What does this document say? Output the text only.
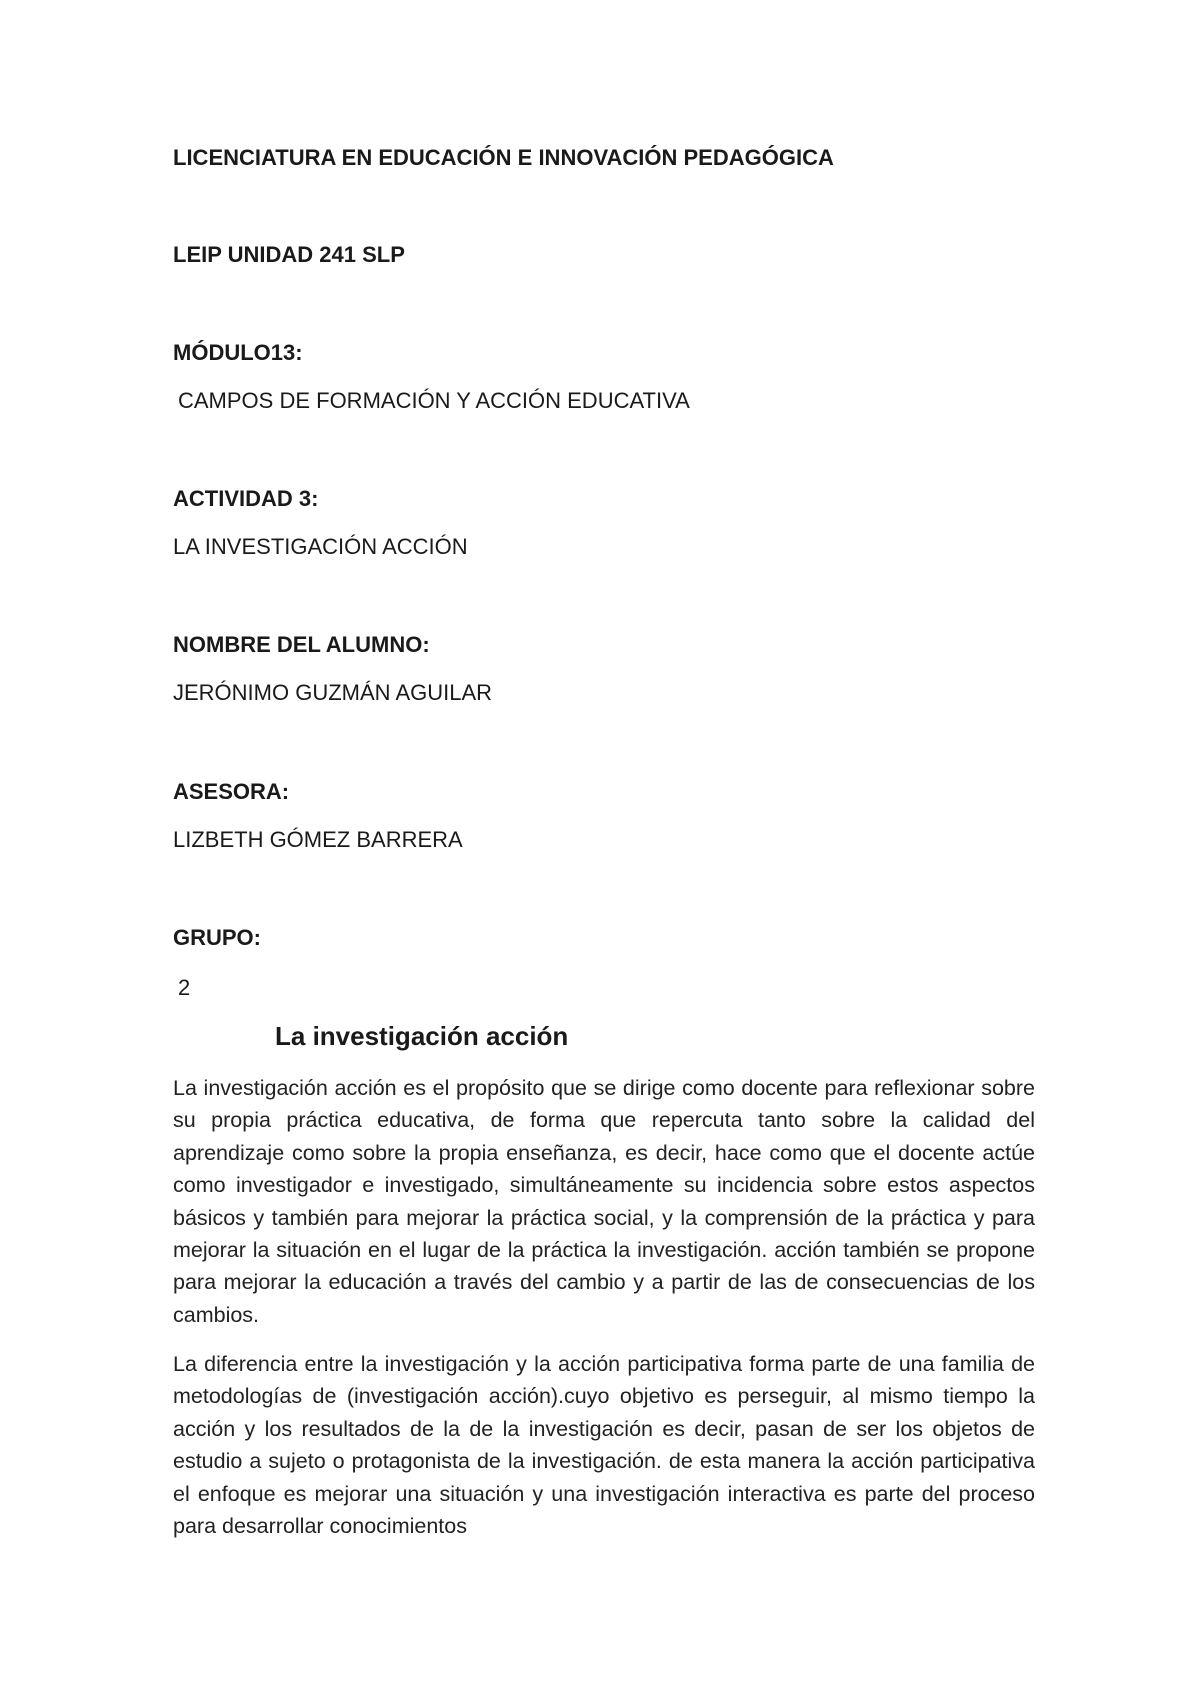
LICENCIATURA EN EDUCACIÓN E INNOVACIÓN PEDAGÓGICA
LEIP UNIDAD 241 SLP
MÓDULO13:
CAMPOS DE FORMACIÓN Y ACCIÓN EDUCATIVA
ACTIVIDAD 3:
LA INVESTIGACIÓN ACCIÓN
NOMBRE DEL ALUMNO:
JERÓNIMO GUZMÁN AGUILAR
ASESORA:
LIZBETH GÓMEZ BARRERA
GRUPO:
2
La investigación acción
La investigación acción es el propósito que se dirige como docente para reflexionar sobre su propia práctica educativa, de forma que repercuta tanto sobre la calidad del aprendizaje como sobre la propia enseñanza, es decir, hace como que el docente actúe como investigador e investigado, simultáneamente su incidencia sobre estos aspectos básicos y también para mejorar la práctica social, y la comprensión de la práctica y para mejorar la situación en el lugar de la práctica la investigación. acción también se propone para mejorar la educación a través del cambio y a partir de las de consecuencias de los cambios.
La diferencia entre la investigación y la acción participativa forma parte de una familia de metodologías de (investigación acción).cuyo objetivo es perseguir, al mismo tiempo la acción y los resultados de la de la investigación es decir, pasan de ser los objetos de estudio a sujeto o protagonista de la investigación. de esta manera la acción participativa el enfoque es mejorar una situación y una investigación interactiva es parte del proceso para desarrollar conocimientos
